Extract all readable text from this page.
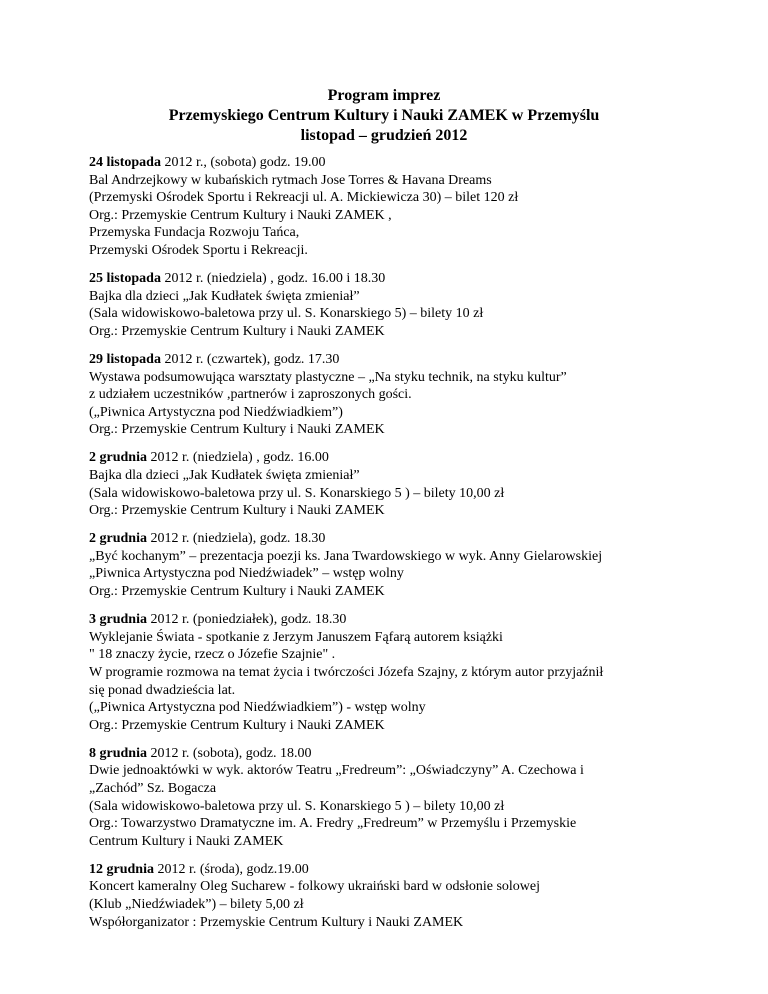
Program imprez
Przemyskiego Centrum Kultury i Nauki ZAMEK w Przemyślu
listopad – grudzień 2012
24 listopada 2012 r., (sobota) godz. 19.00
Bal Andrzejkowy w kubańskich rytmach Jose Torres & Havana Dreams
(Przemyski Ośrodek Sportu i Rekreacji ul. A. Mickiewicza 30) – bilet 120 zł
Org.: Przemyskie Centrum Kultury i Nauki ZAMEK ,
Przemyska Fundacja Rozwoju Tańca,
Przemyski Ośrodek Sportu i Rekreacji.
25 listopada 2012 r. (niedziela) , godz. 16.00 i 18.30
Bajka dla dzieci „Jak Kudłatek święta zmieniał”
(Sala widowiskowo-baletowa przy ul. S. Konarskiego 5) – bilety 10 zł
Org.: Przemyskie Centrum Kultury i Nauki ZAMEK
29 listopada 2012 r. (czwartek), godz. 17.30
Wystawa podsumowująca warsztaty plastyczne – „Na styku technik, na styku kultur”
z udziałem uczestników ,partnerów i zaproszonych gości.
(„Piwnica Artystyczna pod Niedźwiadkiem”)
Org.: Przemyskie Centrum Kultury i Nauki ZAMEK
2 grudnia 2012 r. (niedziela) , godz. 16.00
Bajka dla dzieci „Jak Kudłatek święta zmieniał”
(Sala widowiskowo-baletowa przy ul. S. Konarskiego 5 ) – bilety 10,00 zł
Org.: Przemyskie Centrum Kultury i Nauki ZAMEK
2 grudnia 2012 r. (niedziela), godz. 18.30
„Być kochanym” – prezentacja poezji ks. Jana Twardowskiego w wyk. Anny Gielarowskiej
„Piwnica Artystyczna pod Niedźwiadek” – wstęp wolny
Org.: Przemyskie Centrum Kultury i Nauki ZAMEK
3 grudnia 2012 r. (poniedziałek), godz. 18.30
Wyklejanie Świata - spotkanie z Jerzym Januszem Fąfarą autorem książki
" 18 znaczy życie, rzecz o Józefie Szajnie" .
W programie rozmowa na temat życia i twórczości Józefa Szajny, z którym autor przyjaźnił
się ponad dwadzieścia lat.
(„Piwnica Artystyczna pod Niedźwiadkiem”) - wstęp wolny
Org.: Przemyskie Centrum Kultury i Nauki ZAMEK
8 grudnia 2012 r. (sobota), godz. 18.00
Dwie jednoaktówki w wyk. aktorów Teatru „Fredreum”: „Oświadczyny” A. Czechowa i
„Zachód” Sz. Bogacza
(Sala widowiskowo-baletowa przy ul. S. Konarskiego 5 ) – bilety 10,00 zł
Org.: Towarzystwo Dramatyczne im. A. Fredry „Fredreum” w Przemyślu i Przemyskie
Centrum Kultury i Nauki ZAMEK
12 grudnia 2012 r. (środa), godz.19.00
Koncert kameralny Oleg Sucharew - folkowy ukraiński bard w odsłonie solowej
(Klub „Niedźwiadek”) – bilety 5,00 zł
Współorganizator : Przemyskie Centrum Kultury i Nauki ZAMEK
